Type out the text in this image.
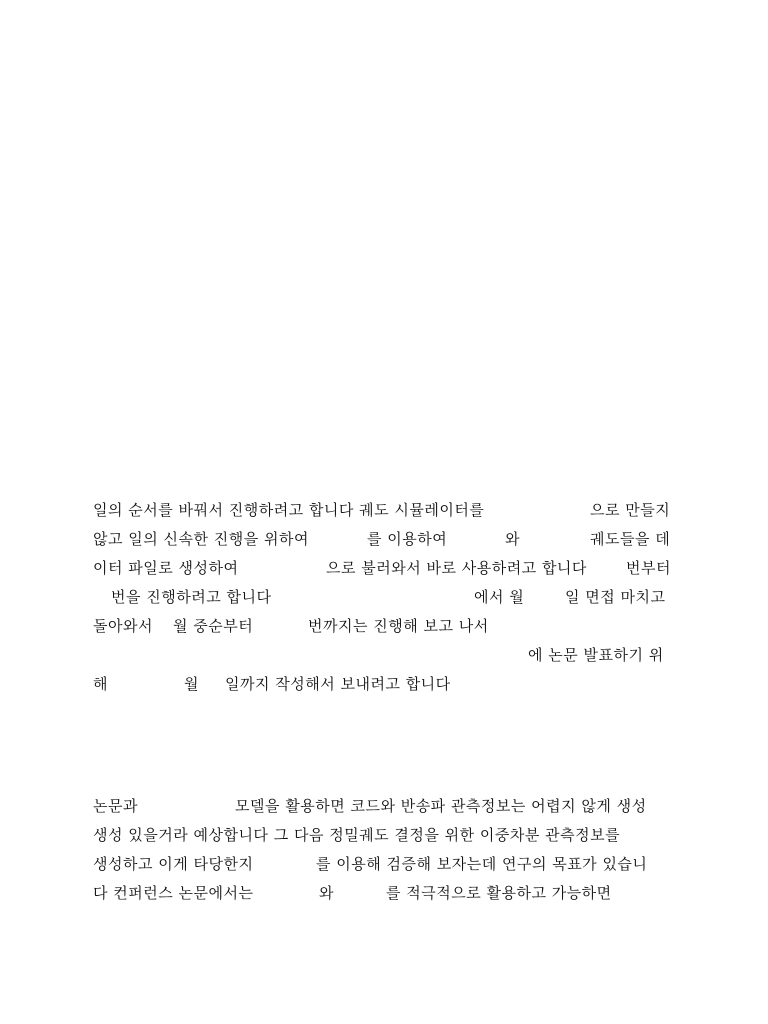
일의 순서를 바꿔서 진행하려고 합니다 궤도 시뮬레이터를

	으로 만들지

않고 일의 신속한 진행을 위하여

	를 이용하여

	와

	궤도들을 데

이터 파일로 생성하여

	으로 불러와서 바로 사용하려고 합니다

	번부터

번을 진행하려고 합니다

	에서 월

	일 면접 마치고

돌아와서

월 중순부터

	번까지는 진행해 보고 나서

에 논문 발표하기 위

해

	월

일까지 작성해서 보내려고 합니다

논문과

	모델을 활용하면 코드와 반송파 관측정보는 어렵지 않게 생성

생성 있을거라 예상합니다 그 다음 정밀궤도 결정을 위한 이중차분 관측정보를

생성하고 이게 타당한지

	를 이용해 검증해 보자는데 연구의 목표가 있습니

다 컨퍼런스 논문에서는

	와

	를 적극적으로 활용하고 가능하면
